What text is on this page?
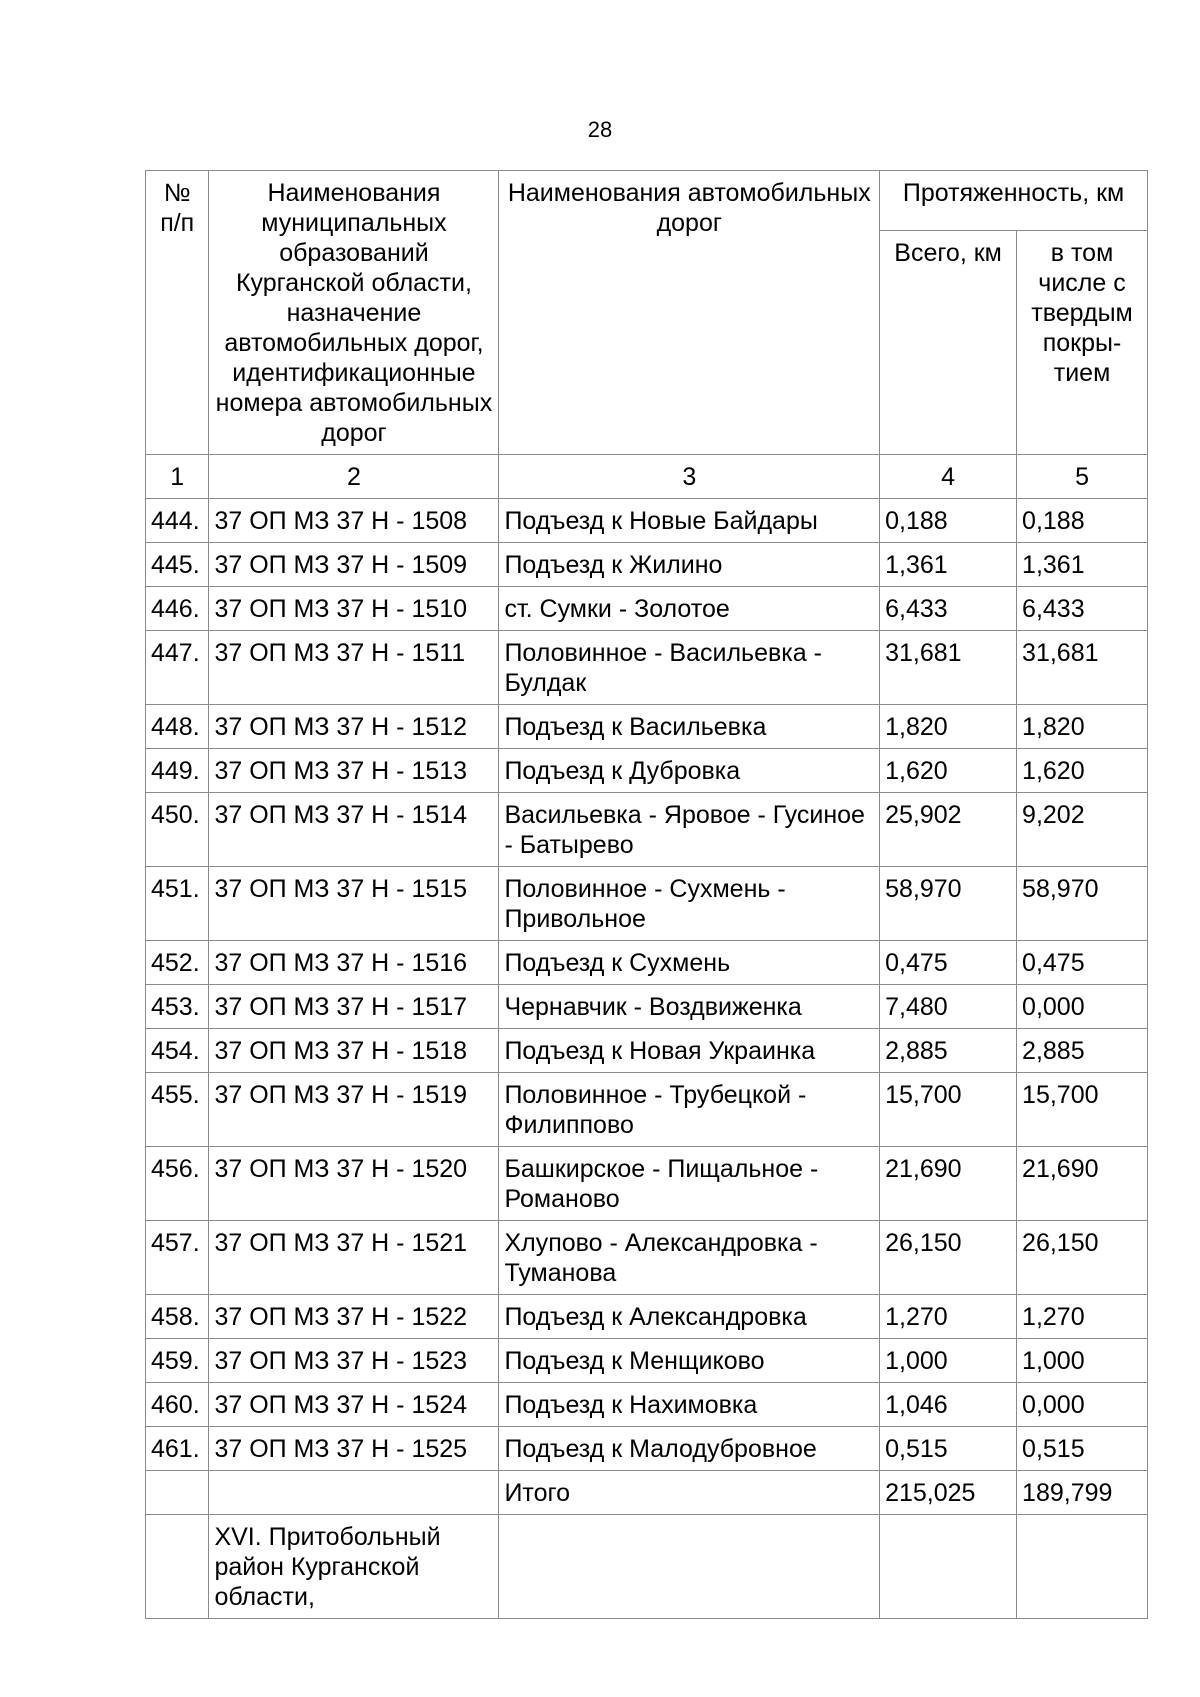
28
№ п/п	Наименования муниципальных образований Курганской области, назначение автомобильных дорог, идентификационные номера автомобильных дорог	Наименования автомобильных дорог	Протяженность, км	
			Всего, км	в том числе с твердым покры-тием
1	2	3	4	5
444.	37 ОП МЗ 37 Н - 1508	Подъезд к Новые Байдары	0,188	0,188
445.	37 ОП МЗ 37 Н - 1509	Подъезд к Жилино	1,361	1,361
446.	37 ОП МЗ 37 Н - 1510	ст. Сумки - Золотое	6,433	6,433
447.	37 ОП МЗ 37 Н - 1511	Половинное - Васильевка - Булдак	31,681	31,681
448.	37 ОП МЗ 37 Н - 1512	Подъезд к Васильевка	1,820	1,820
449.	37 ОП МЗ 37 Н - 1513	Подъезд к Дубровка	1,620	1,620
450.	37 ОП МЗ 37 Н - 1514	Васильевка - Яровое - Гусиное - Батырево	25,902	9,202
451.	37 ОП МЗ 37 Н - 1515	Половинное - Сухмень - Привольное	58,970	58,970
452.	37 ОП МЗ 37 Н - 1516	Подъезд к Сухмень	0,475	0,475
453.	37 ОП МЗ 37 Н - 1517	Чернавчик - Воздвиженка	7,480	0,000
454.	37 ОП МЗ 37 Н - 1518	Подъезд к Новая Украинка	2,885	2,885
455.	37 ОП МЗ 37 Н - 1519	Половинное - Трубецкой - Филиппово	15,700	15,700
456.	37 ОП МЗ 37 Н - 1520	Башкирское - Пищальное - Романово	21,690	21,690
457.	37 ОП МЗ 37 Н - 1521	Хлупово - Александровка - Туманова	26,150	26,150
458.	37 ОП МЗ 37 Н - 1522	Подъезд к Александровка	1,270	1,270
459.	37 ОП МЗ 37 Н - 1523	Подъезд к Менщиково	1,000	1,000
460.	37 ОП МЗ 37 Н - 1524	Подъезд к Нахимовка	1,046	0,000
461.	37 ОП МЗ 37 Н - 1525	Подъезд к Малодубровное	0,515	0,515
		Итого	215,025	189,799
	XVI. Притобольный район Курганской области,			
